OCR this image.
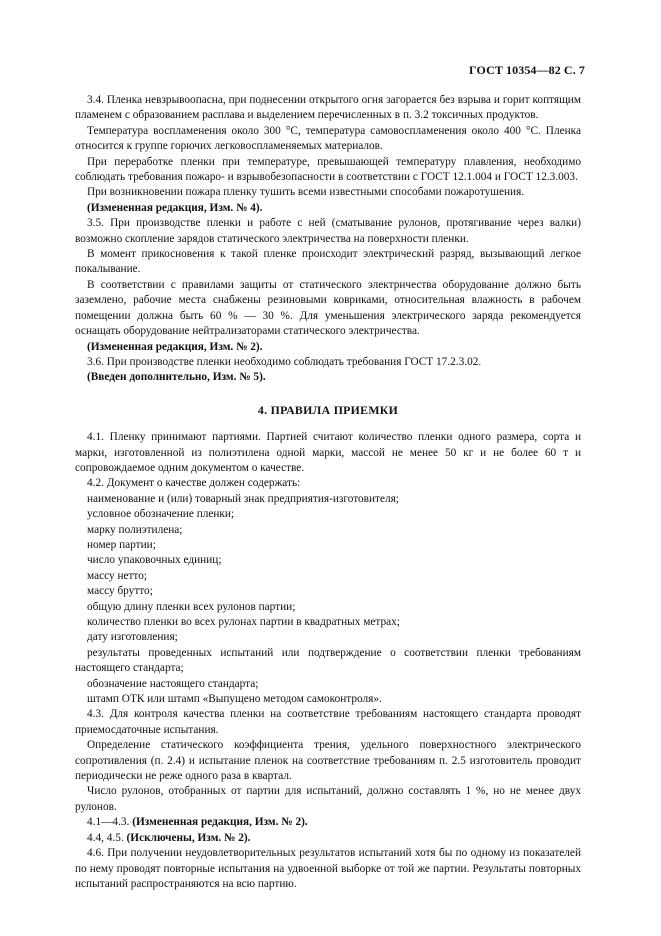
ГОСТ 10354—82 С. 7

3.4. Пленка невзрывоопасна, при поднесении открытого огня загорается без взрыва и горит коптящим пламенем с образованием расплава и выделением перечисленных в п. 3.2 токсичных продуктов.

Температура воспламенения около 300 °С, температура самовоспламенения около 400 °С. Пленка относится к группе горючих легковоспламеняемых материалов.

При переработке пленки при температуре, превышающей температуру плавления, необходимо соблюдать требования пожаро- и взрывобезопасности в соответствии с ГОСТ 12.1.004 и ГОСТ 12.3.003.

При возникновении пожара пленку тушить всеми известными способами пожаротушения.

(Измененная редакция, Изм. № 4).

3.5. При производстве пленки и работе с ней (сматывание рулонов, протягивание через валки) возможно скопление зарядов статического электричества на поверхности пленки.

В момент прикосновения к такой пленке происходит электрический разряд, вызывающий легкое покалывание.

В соответствии с правилами защиты от статического электричества оборудование должно быть заземлено, рабочие места снабжены резиновыми ковриками, относительная влажность в рабочем помещении должна быть 60 % — 30 %. Для уменьшения электрического заряда рекомендуется оснащать оборудование нейтрализаторами статического электричества.

(Измененная редакция, Изм. № 2).

3.6. При производстве пленки необходимо соблюдать требования ГОСТ 17.2.3.02.

(Введен дополнительно, Изм. № 5).

4. ПРАВИЛА ПРИЕМКИ

4.1. Пленку принимают партиями. Партией считают количество пленки одного размера, сорта и марки, изготовленной из полиэтилена одной марки, массой не менее 50 кг и не более 60 т и сопровождаемое одним документом о качестве.

4.2. Документ о качестве должен содержать:

наименование и (или) товарный знак предприятия-изготовителя;

условное обозначение пленки;

марку полиэтилена;

номер партии;

число упаковочных единиц;

массу нетто;

массу брутто;

общую длину пленки всех рулонов партии;

количество пленки во всех рулонах партии в квадратных метрах;

дату изготовления;

результаты проведенных испытаний или подтверждение о соответствии пленки требованиям настоящего стандарта;

обозначение настоящего стандарта;

штамп ОТК или штамп «Выпущено методом самоконтроля».

4.3. Для контроля качества пленки на соответствие требованиям настоящего стандарта проводят приемосдаточные испытания.

Определение статического коэффициента трения, удельного поверхностного электрического сопротивления (п. 2.4) и испытание пленок на соответствие требованиям п. 2.5 изготовитель проводит периодически не реже одного раза в квартал.

Число рулонов, отобранных от партии для испытаний, должно составлять 1 %, но не менее двух рулонов.

4.1—4.3. (Измененная редакция, Изм. № 2).

4.4, 4.5. (Исключены, Изм. № 2).

4.6. При получении неудовлетворительных результатов испытаний хотя бы по одному из показателей по нему проводят повторные испытания на удвоенной выборке от той же партии. Результаты повторных испытаний распространяются на всю партию.
